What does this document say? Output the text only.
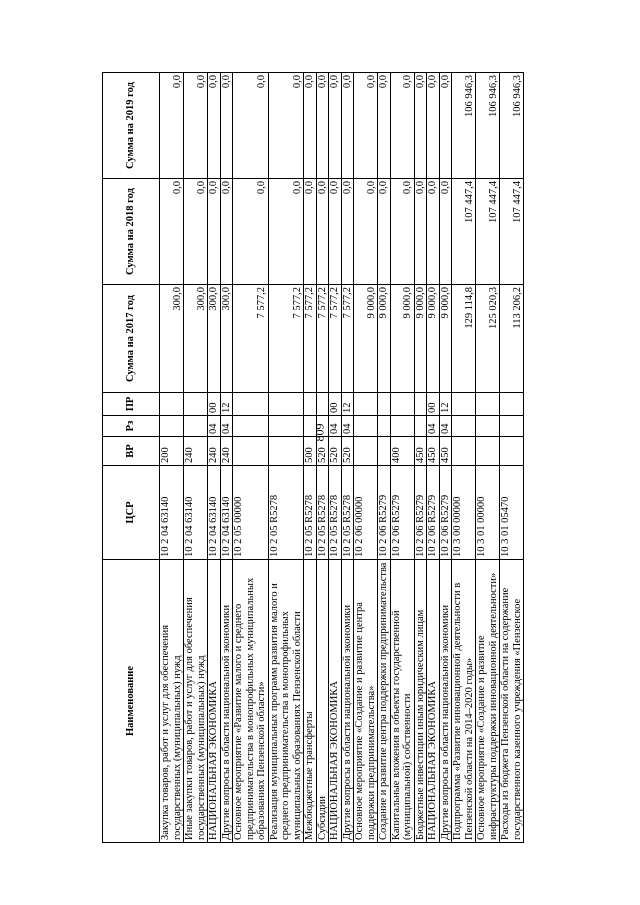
809
Наименование	ЦСР	ВР	Рз	ПР	Сумма на 2017 год	Сумма на 2018 год	Сумма на 2019 год
Закупка товаров, работ и услуг для обеспечения государственных (муниципальных) нужд	10 2 04 63140	200			300,0	0,0	0,0
Иные закупки товаров, работ и услуг для обеспечения государственных (муниципальных) нужд	10 2 04 63140	240			300,0	0,0	0,0
НАЦИОНАЛЬНАЯ ЭКОНОМИКА	10 2 04 63140	240	04	00	300,0	0,0	0,0
Другие вопросы в области национальной экономики	10 2 04 63140	240	04	12	300,0	0,0	0,0
Основное мероприятие «Развитие малого и среднего предпринимательства в монопрофильных муниципальных образованиях Пензенской области»	10 2 05 00000				7 577,2	0,0	0,0
Реализация муниципальных программ развития малого и среднего предпринимательства в монопрофильных муниципальных образованиях Пензенской области	10 2 05 R5278				7 577,2	0,0	0,0
Межбюджетные трансферты	10 2 05 R5278	500			7 577,2	0,0	0,0
Субсидии	10 2 05 R5278	520			7 577,2	0,0	0,0
НАЦИОНАЛЬНАЯ ЭКОНОМИКА	10 2 05 R5278	520	04	00	7 577,2	0,0	0,0
Другие вопросы в области национальной экономики	10 2 05 R5278	520	04	12	7 577,2	0,0	0,0
Основное мероприятие «Создание и развитие центра поддержки предпринимательства»	10 2 06 00000				9 000,0	0,0	0,0
Создание и развитие центра поддержки предпринимательства	10 2 06 R5279				9 000,0	0,0	0,0
Капитальные вложения в объекты государственной (муниципальной) собственности	10 2 06 R5279	400			9 000,0	0,0	0,0
Бюджетные инвестиции иным юридическим лицам	10 2 06 R5279	450			9 000,0	0,0	0,0
НАЦИОНАЛЬНАЯ ЭКОНОМИКА	10 2 06 R5279	450	04	00	9 000,0	0,0	0,0
Другие вопросы в области национальной экономики	10 2 06 R5279	450	04	12	9 000,0	0,0	0,0
Подпрограмма «Развитие инновационной деятельности в Пензенской области на 2014–2020 годы»	10 3 00 00000				129 114,8	107 447,4	106 946,3
Основное мероприятие «Создание и развитие инфраструктуры поддержки инновационной деятельности»	10 3 01 00000				125 020,3	107 447,4	106 946,3
Расходы из бюджета Пензенской области на содержание государственного казенного учреждения «Пензенское	10 3 01 05470				113 206,2	107 447,4	106 946,3
